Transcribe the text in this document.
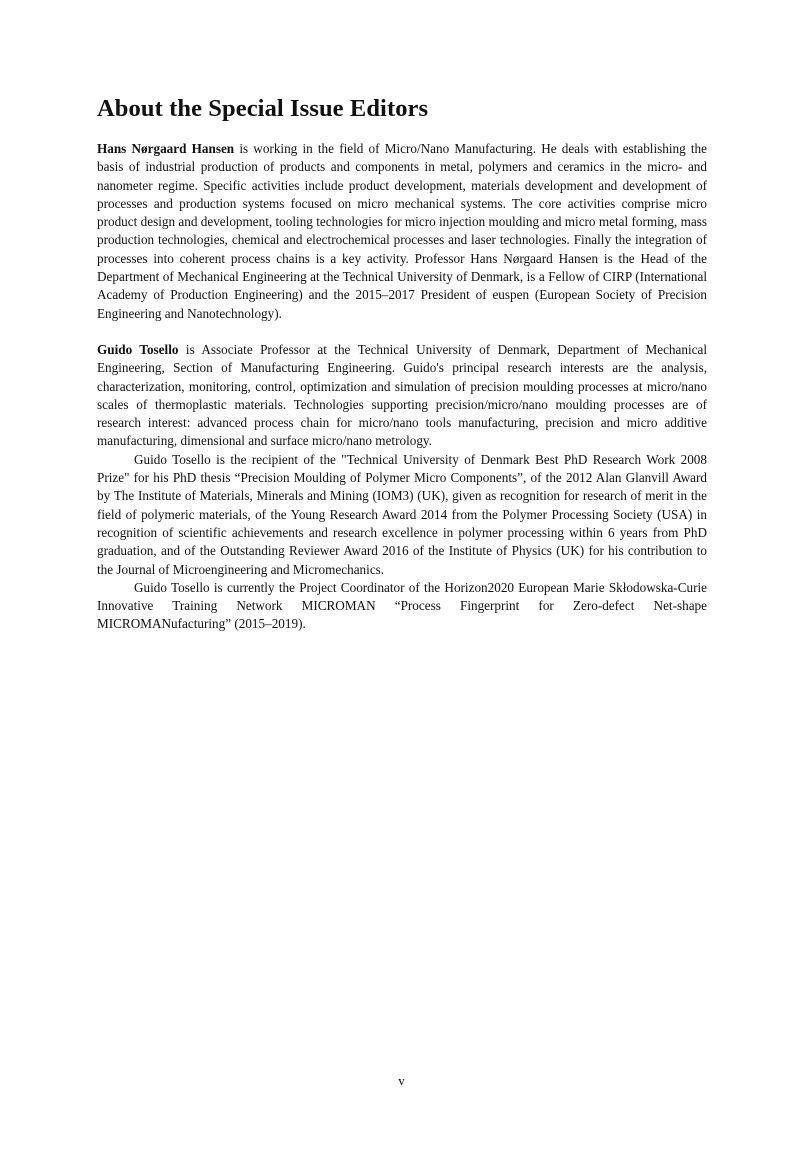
About the Special Issue Editors

Hans Nørgaard Hansen is working in the field of Micro/Nano Manufacturing. He deals with establishing the basis of industrial production of products and components in metal, polymers and ceramics in the micro- and nanometer regime. Specific activities include product development, materials development and development of processes and production systems focused on micro mechanical systems. The core activities comprise micro product design and development, tooling technologies for micro injection moulding and micro metal forming, mass production technologies, chemical and electrochemical processes and laser technologies. Finally the integration of processes into coherent process chains is a key activity. Professor Hans Nørgaard Hansen is the Head of the Department of Mechanical Engineering at the Technical University of Denmark, is a Fellow of CIRP (International Academy of Production Engineering) and the 2015–2017 President of euspen (European Society of Precision Engineering and Nanotechnology).

Guido Tosello is Associate Professor at the Technical University of Denmark, Department of Mechanical Engineering, Section of Manufacturing Engineering. Guido's principal research interests are the analysis, characterization, monitoring, control, optimization and simulation of precision moulding processes at micro/nano scales of thermoplastic materials. Technologies supporting precision/micro/nano moulding processes are of research interest: advanced process chain for micro/nano tools manufacturing, precision and micro additive manufacturing, dimensional and surface micro/nano metrology.

Guido Tosello is the recipient of the "Technical University of Denmark Best PhD Research Work 2008 Prize" for his PhD thesis “Precision Moulding of Polymer Micro Components”, of the 2012 Alan Glanvill Award by The Institute of Materials, Minerals and Mining (IOM3) (UK), given as recognition for research of merit in the field of polymeric materials, of the Young Research Award 2014 from the Polymer Processing Society (USA) in recognition of scientific achievements and research excellence in polymer processing within 6 years from PhD graduation, and of the Outstanding Reviewer Award 2016 of the Institute of Physics (UK) for his contribution to the Journal of Microengineering and Micromechanics.

Guido Tosello is currently the Project Coordinator of the Horizon2020 European Marie Skłodowska-Curie Innovative Training Network MICROMAN “Process Fingerprint for Zero-defect Net-shape MICROMANufacturing” (2015–2019).

v
